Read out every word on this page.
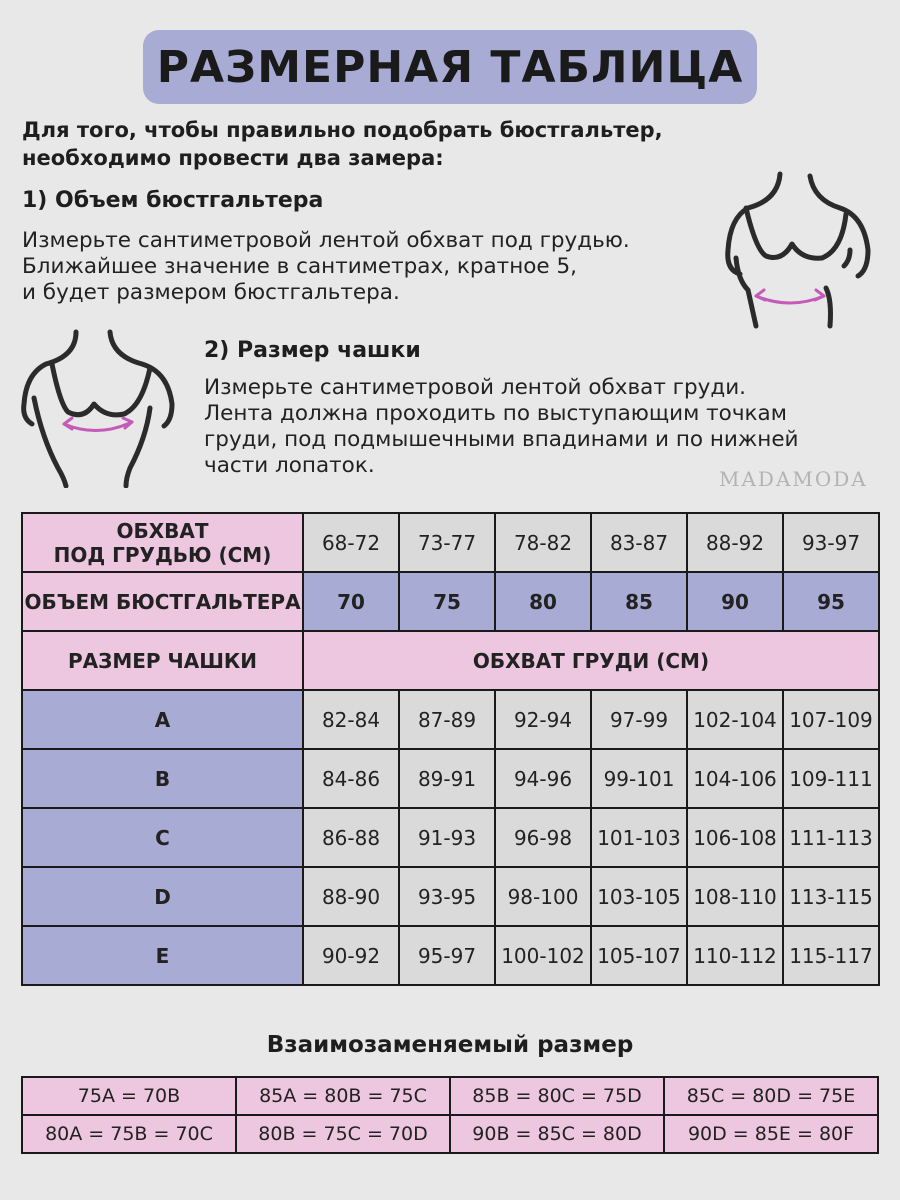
РАЗМЕРНАЯ ТАБЛИЦА
Для того, чтобы правильно подобрать бюстгальтер,
необходимо провести два замера:
1) Объем бюстгальтера
Измерьте сантиметровой лентой обхват под грудью.
Ближайшее значение в сантиметрах, кратное 5,
и будет размером бюстгальтера.
2) Размер чашки
Измерьте сантиметровой лентой обхват груди.
Лента должна проходить по выступающим точкам
груди, под подмышечными впадинами и по нижней
части лопаток.
MADAMODA
ОБХВАТ
ПОД ГРУДЬЮ (СМ)	68-72	73-77	78-82	83-87	88-92	93-97
ОБЪЕМ БЮСТГАЛЬТЕРА	70	75	80	85	90	95
РАЗМЕР ЧАШКИ	ОБХВАТ ГРУДИ (СМ)					
A	82-84	87-89	92-94	97-99	102-104	107-109
B	84-86	89-91	94-96	99-101	104-106	109-111
C	86-88	91-93	96-98	101-103	106-108	111-113
D	88-90	93-95	98-100	103-105	108-110	113-115
E	90-92	95-97	100-102	105-107	110-112	115-117
Взаимозаменяемый размер
75A = 70B	85A = 80B = 75C	85B = 80C = 75D	85C = 80D = 75E
80A = 75B = 70C	80B = 75C = 70D	90B = 85C = 80D	90D = 85E = 80F
